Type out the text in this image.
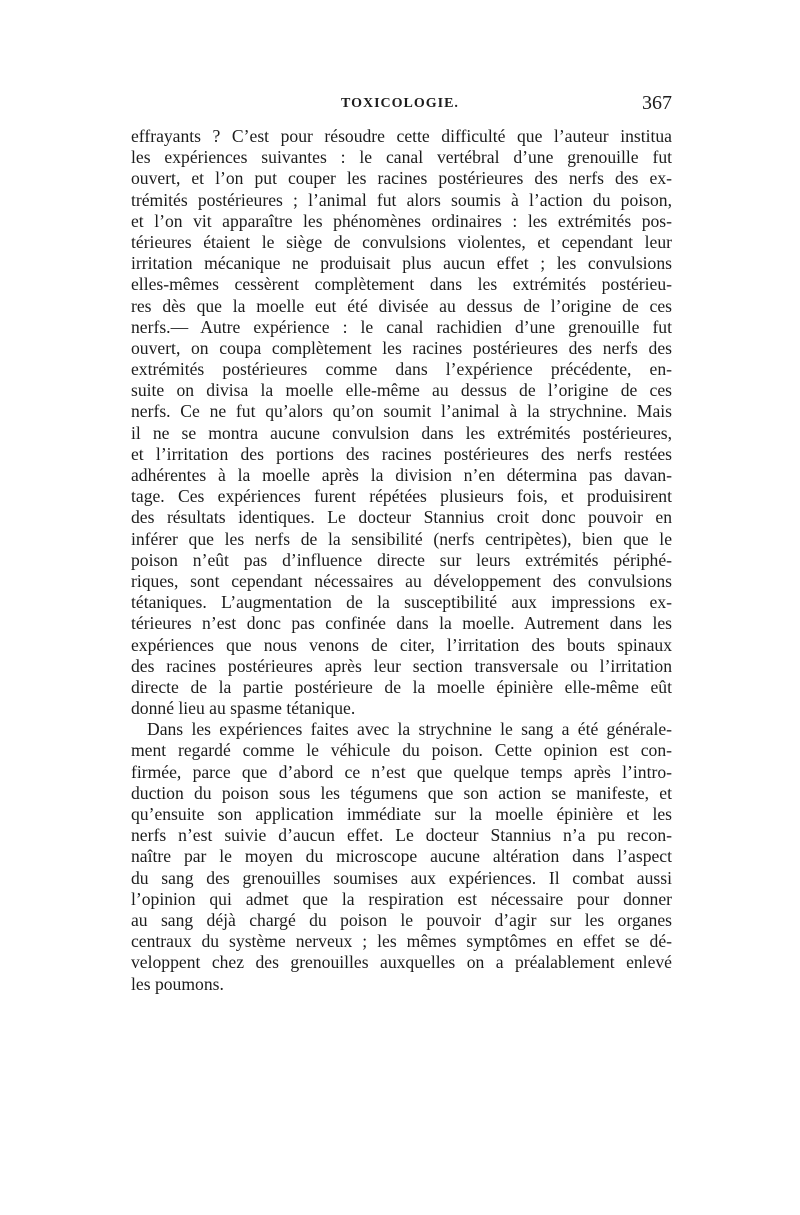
TOXICOLOGIE.	367
effrayants ? C’est pour résoudre cette difficulté que l’auteur institua
les expériences suivantes : le canal vertébral d’une grenouille fut
ouvert, et l’on put couper les racines postérieures des nerfs des ex-
trémités postérieures ; l’animal fut alors soumis à l’action du poison,
et l’on vit apparaître les phénomènes ordinaires : les extrémités pos-
térieures étaient le siège de convulsions violentes, et cependant leur
irritation mécanique ne produisait plus aucun effet ; les convulsions
elles-mêmes cessèrent complètement dans les extrémités postérieu-
res dès que la moelle eut été divisée au dessus de l’origine de ces
nerfs.— Autre expérience : le canal rachidien d’une grenouille fut
ouvert, on coupa complètement les racines postérieures des nerfs des
extrémités postérieures comme dans l’expérience précédente, en-
suite on divisa la moelle elle-même au dessus de l’origine de ces
nerfs. Ce ne fut qu’alors qu’on soumit l’animal à la strychnine. Mais
il ne se montra aucune convulsion dans les extrémités postérieures,
et l’irritation des portions des racines postérieures des nerfs restées
adhérentes à la moelle après la division n’en détermina pas davan-
tage. Ces expériences furent répétées plusieurs fois, et produisirent
des résultats identiques. Le docteur Stannius croit donc pouvoir en
inférer que les nerfs de la sensibilité (nerfs centripètes), bien que le
poison n’eût pas d’influence directe sur leurs extrémités périphé-
riques, sont cependant nécessaires au développement des convulsions
tétaniques. L’augmentation de la susceptibilité aux impressions ex-
térieures n’est donc pas confinée dans la moelle. Autrement dans les
expériences que nous venons de citer, l’irritation des bouts spinaux
des racines postérieures après leur section transversale ou l’irritation
directe de la partie postérieure de la moelle épinière elle-même eût
donné lieu au spasme tétanique.
Dans les expériences faites avec la strychnine le sang a été générale-
ment regardé comme le véhicule du poison. Cette opinion est con-
firmée, parce que d’abord ce n’est que quelque temps après l’intro-
duction du poison sous les tégumens que son action se manifeste, et
qu’ensuite son application immédiate sur la moelle épinière et les
nerfs n’est suivie d’aucun effet. Le docteur Stannius n’a pu recon-
naître par le moyen du microscope aucune altération dans l’aspect
du sang des grenouilles soumises aux expériences. Il combat aussi
l’opinion qui admet que la respiration est nécessaire pour donner
au sang déjà chargé du poison le pouvoir d’agir sur les organes
centraux du système nerveux ; les mêmes symptômes en effet se dé-
veloppent chez des grenouilles auxquelles on a préalablement enlevé
les poumons.
